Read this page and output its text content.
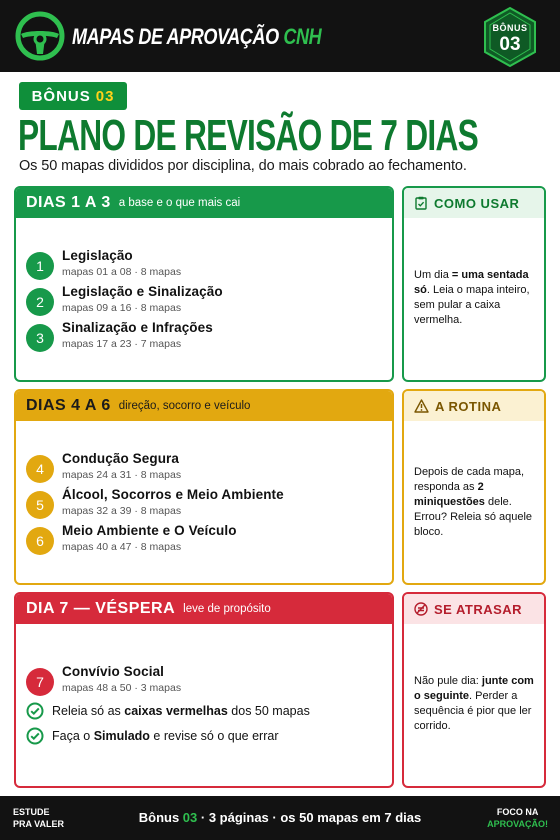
MAPAS DE APROVAÇÃO CNH	BÔNUS
03
BÔNUS 03
PLANO DE REVISÃO DE 7 DIAS
Os 50 mapas divididos por disciplina, do mais cobrado ao fechamento.
DIAS 1 A 3 a base e o que mais cai
1
Legislação
mapas 01 a 08 · 8 mapas
2
Legislação e Sinalização
mapas 09 a 16 · 8 mapas
3
Sinalização e Infrações
mapas 17 a 23 · 7 mapas
COMO USAR
Um dia = uma sentada só. Leia o mapa inteiro, sem pular a caixa vermelha.
DIAS 4 A 6 direção, socorro e veículo
4
Condução Segura
mapas 24 a 31 · 8 mapas
5
Álcool, Socorros e Meio Ambiente
mapas 32 a 39 · 8 mapas
6
Meio Ambiente e O Veículo
mapas 40 a 47 · 8 mapas
A ROTINA
Depois de cada mapa, responda as 2 miniquestões dele. Errou? Releia só aquele bloco.
DIA 7 — VÉSPERA leve de propósito
7
Convívio Social
mapas 48 a 50 · 3 mapas
Releia só as caixas vermelhas dos 50 mapas
Faça o Simulado e revise só o que errar
SE ATRASAR
Não pule dia: junte com o seguinte. Perder a sequência é pior que ler corrido.
ESTUDE
PRA VALER	Bônus 03 · 3 páginas · os 50 mapas em 7 dias	FOCO NA
APROVAÇÃO!
